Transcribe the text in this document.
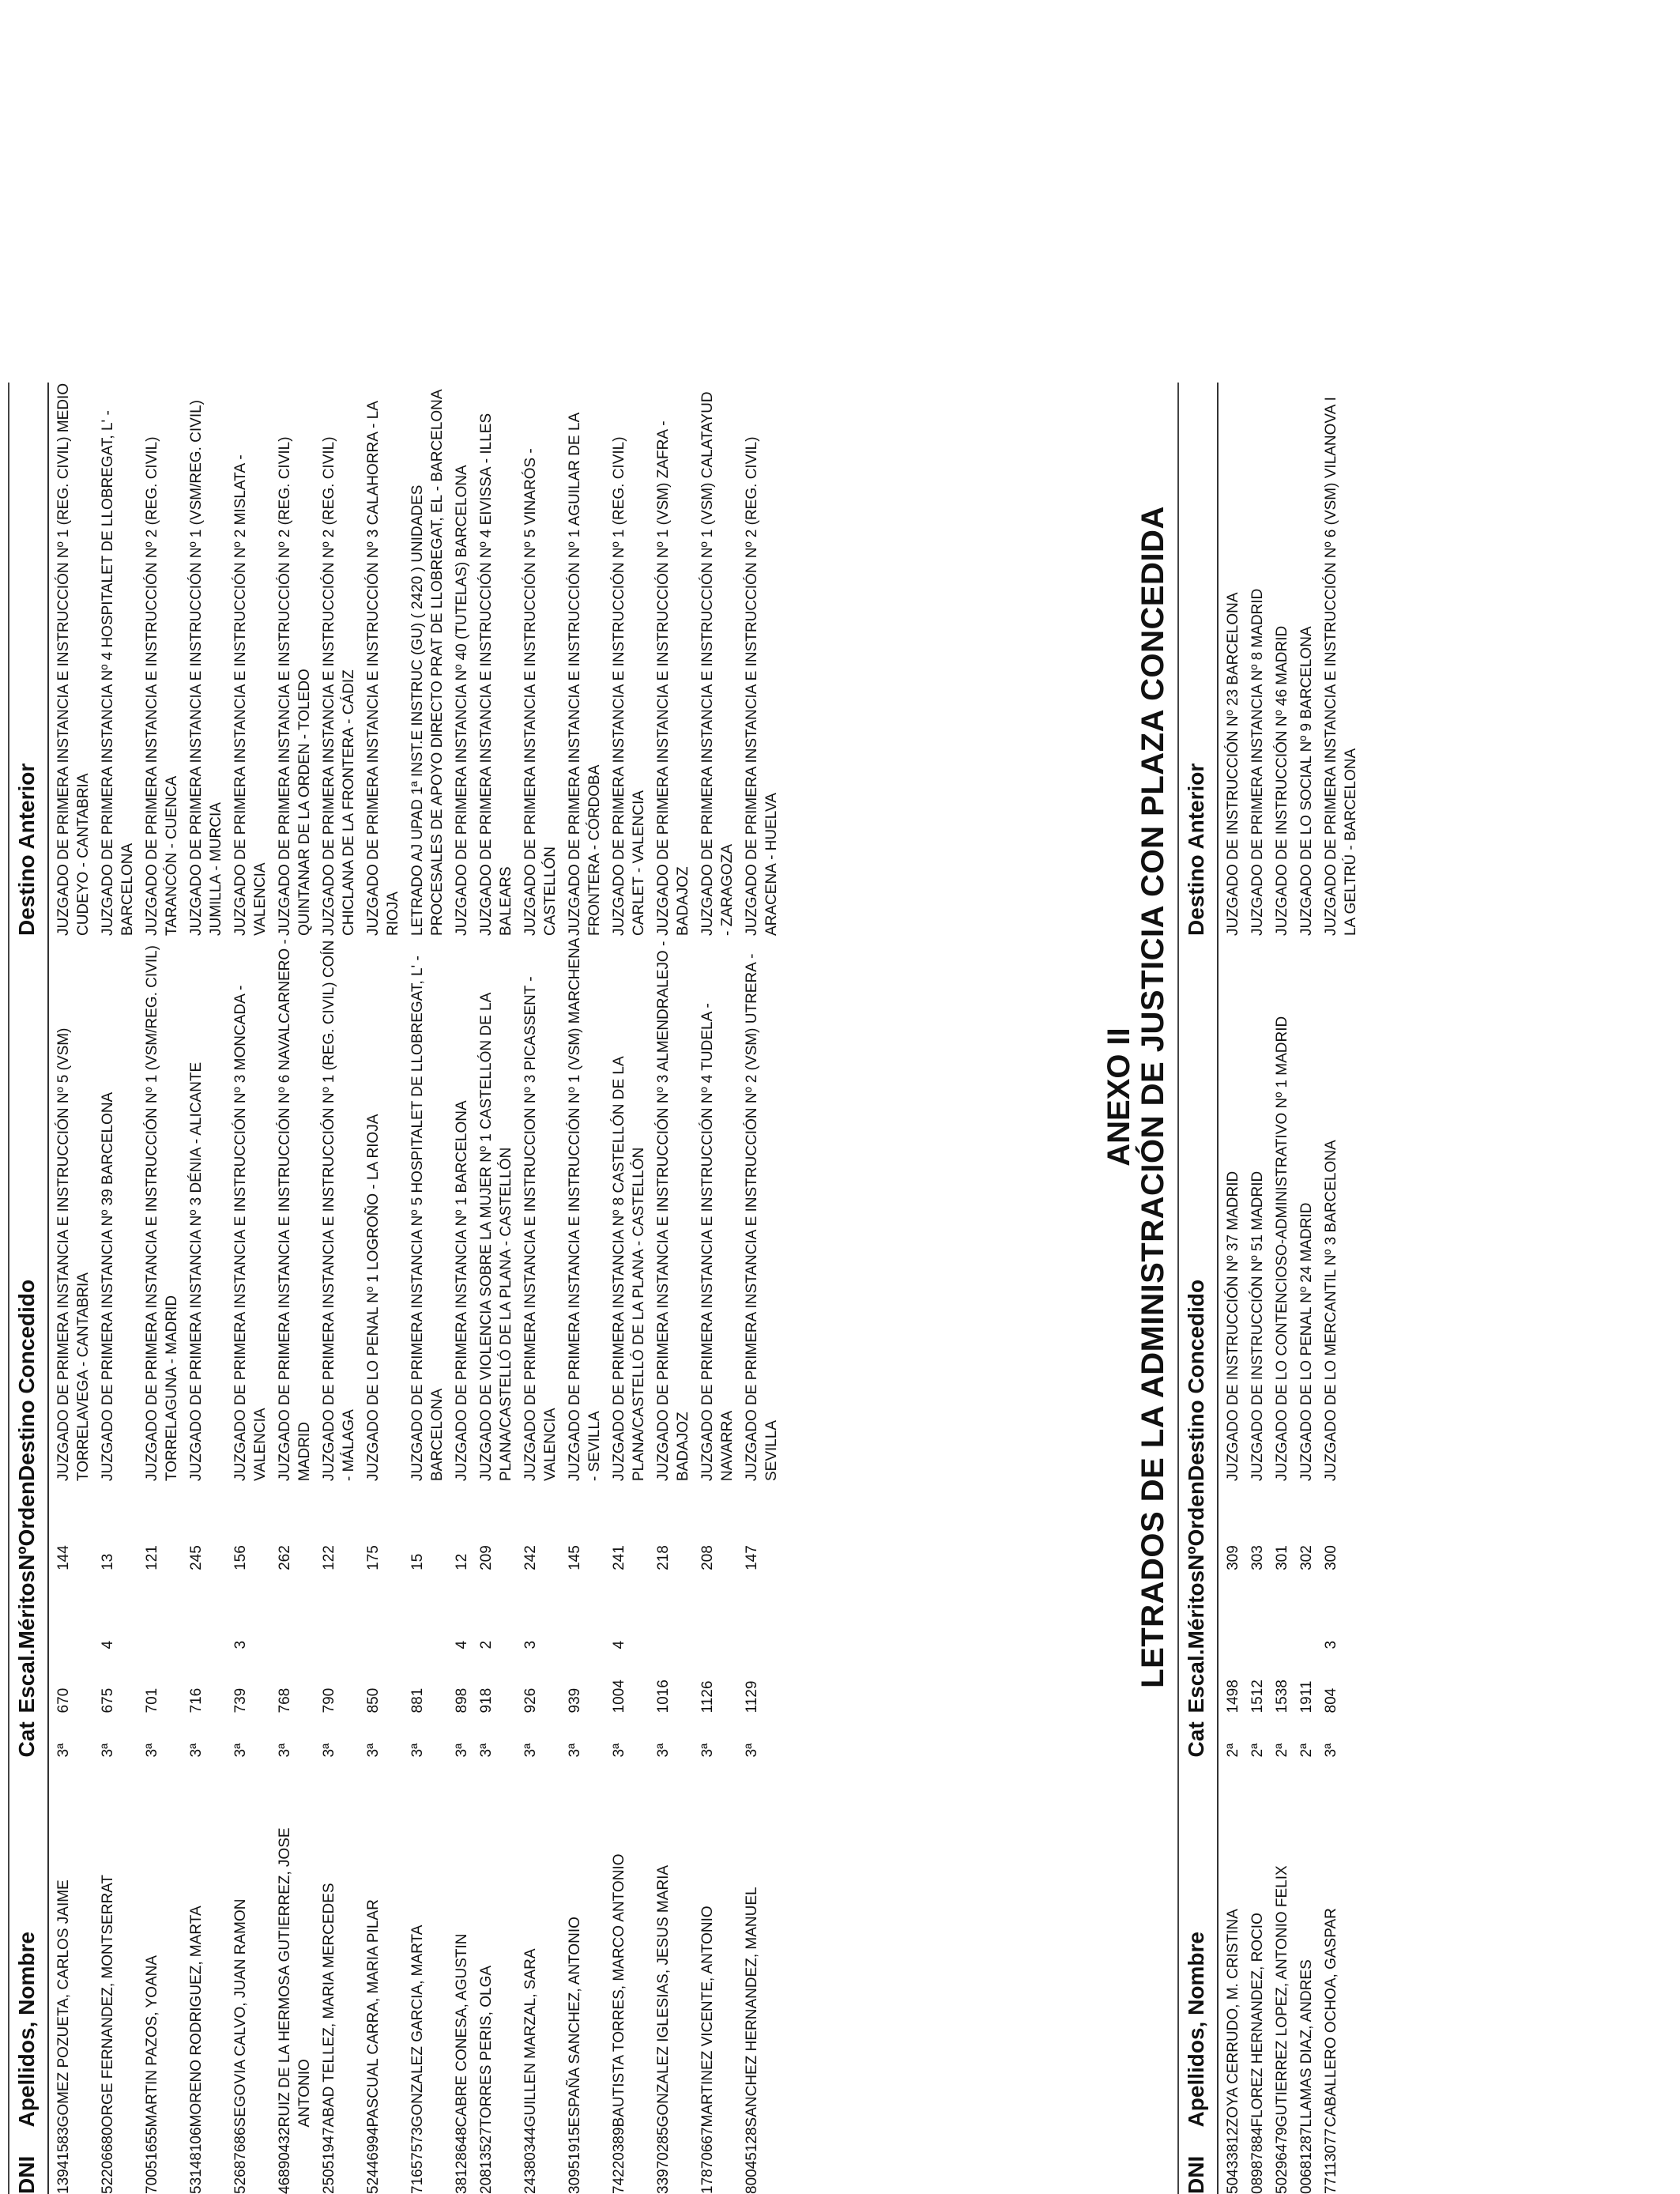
DNI	Apellidos, Nombre	Cat	Escal.	Méritos	NºOrden	Destino Concedido	Destino Anterior
13941583	GOMEZ POZUETA, CARLOS JAIME	3ª	670		144	JUZGADO DE PRIMERA INSTANCIA E INSTRUCCIÓN Nº 5 (VSM) TORRELAVEGA - CANTABRIA	JUZGADO DE PRIMERA INSTANCIA E INSTRUCCIÓN Nº 1 (REG. CIVIL) MEDIO CUDEYO - CANTABRIA
52206680	ORGE FERNANDEZ, MONTSERRAT	3ª	675	4	13	JUZGADO DE PRIMERA INSTANCIA Nº 39 BARCELONA	JUZGADO DE PRIMERA INSTANCIA Nº 4 HOSPITALET DE LLOBREGAT, L' - BARCELONA
70051655	MARTIN PAZOS, YOANA	3ª	701		121	JUZGADO DE PRIMERA INSTANCIA E INSTRUCCIÓN Nº 1 (VSM/REG. CIVIL) TORRELAGUNA - MADRID	JUZGADO DE PRIMERA INSTANCIA E INSTRUCCIÓN Nº 2 (REG. CIVIL) TARANCÓN - CUENCA
53148106	MORENO RODRIGUEZ, MARTA	3ª	716		245	JUZGADO DE PRIMERA INSTANCIA Nº 3 DÉNIA - ALICANTE	JUZGADO DE PRIMERA INSTANCIA E INSTRUCCIÓN Nº 1 (VSM/REG. CIVIL) JUMILLA - MURCIA
52687686	SEGOVIA CALVO, JUAN RAMON	3ª	739	3	156	JUZGADO DE PRIMERA INSTANCIA E INSTRUCCIÓN Nº 3 MONCADA - VALENCIA	JUZGADO DE PRIMERA INSTANCIA E INSTRUCCIÓN Nº 2 MISLATA - VALENCIA
46890432	RUIZ DE LA HERMOSA GUTIERREZ, JOSE ANTONIO	3ª	768		262	JUZGADO DE PRIMERA INSTANCIA E INSTRUCCIÓN Nº 6 NAVALCARNERO - MADRID	JUZGADO DE PRIMERA INSTANCIA E INSTRUCCIÓN Nº 2 (REG. CIVIL) QUINTANAR DE LA ORDEN - TOLEDO
25051947	ABAD TELLEZ, MARIA MERCEDES	3ª	790		122	JUZGADO DE PRIMERA INSTANCIA E INSTRUCCIÓN Nº 1 (REG. CIVIL) COÍN - MÁLAGA	JUZGADO DE PRIMERA INSTANCIA E INSTRUCCIÓN Nº 2 (REG. CIVIL) CHICLANA DE LA FRONTERA - CÁDIZ
52446994	PASCUAL CARRA, MARIA PILAR	3ª	850		175	JUZGADO DE LO PENAL Nº 1 LOGROÑO - LA RIOJA	JUZGADO DE PRIMERA INSTANCIA E INSTRUCCIÓN Nº 3 CALAHORRA - LA RIOJA
71657573	GONZALEZ GARCIA, MARTA	3ª	881		15	JUZGADO DE PRIMERA INSTANCIA Nº 5 HOSPITALET DE LLOBREGAT, L' - BARCELONA	LETRADO AJ UPAD 1ª INST.E INSTRUC (GU) ( 2420 ) UNIDADES PROCESALES DE APOYO DIRECTO PRAT DE LLOBREGAT, EL - BARCELONA
38128648	CABRE CONESA, AGUSTIN	3ª	898	4	12	JUZGADO DE PRIMERA INSTANCIA Nº 1 BARCELONA	JUZGADO DE PRIMERA INSTANCIA Nº 40 (TUTELAS) BARCELONA
20813527	TORRES PERIS, OLGA	3ª	918	2	209	JUZGADO DE VIOLENCIA SOBRE LA MUJER Nº 1 CASTELLÓN DE LA PLANA/CASTELLÓ DE LA PLANA - CASTELLÓN	JUZGADO DE PRIMERA INSTANCIA E INSTRUCCIÓN Nº 4 EIVISSA - ILLES BALEARS
24380344	GUILLEN MARZAL, SARA	3ª	926	3	242	JUZGADO DE PRIMERA INSTANCIA E INSTRUCCION Nº 3 PICASSENT - VALENCIA	JUZGADO DE PRIMERA INSTANCIA E INSTRUCCIÓN Nº 5 VINARÓS - CASTELLÓN
30951915	ESPAÑA SANCHEZ, ANTONIO	3ª	939		145	JUZGADO DE PRIMERA INSTANCIA E INSTRUCCIÓN Nº 1 (VSM) MARCHENA - SEVILLA	JUZGADO DE PRIMERA INSTANCIA E INSTRUCCIÓN Nº 1 AGUILAR DE LA FRONTERA - CÓRDOBA
74220389	BAUTISTA TORRES, MARCO ANTONIO	3ª	1004	4	241	JUZGADO DE PRIMERA INSTANCIA Nº 8 CASTELLÓN DE LA PLANA/CASTELLÓ DE LA PLANA - CASTELLÓN	JUZGADO DE PRIMERA INSTANCIA E INSTRUCCIÓN Nº 1 (REG. CIVIL) CARLET - VALENCIA
33970285	GONZALEZ IGLESIAS, JESUS MARIA	3ª	1016		218	JUZGADO DE PRIMERA INSTANCIA E INSTRUCCIÓN Nº 3 ALMENDRALEJO - BADAJOZ	JUZGADO DE PRIMERA INSTANCIA E INSTRUCCIÓN Nº 1 (VSM) ZAFRA - BADAJOZ
17870667	MARTINEZ VICENTE, ANTONIO	3ª	1126		208	JUZGADO DE PRIMERA INSTANCIA E INSTRUCCIÓN Nº 4 TUDELA - NAVARRA	JUZGADO DE PRIMERA INSTANCIA E INSTRUCCIÓN Nº 1 (VSM) CALATAYUD - ZARAGOZA
80045128	SANCHEZ HERNANDEZ, MANUEL	3ª	1129		147	JUZGADO DE PRIMERA INSTANCIA E INSTRUCCIÓN Nº 2 (VSM) UTRERA - SEVILLA	JUZGADO DE PRIMERA INSTANCIA E INSTRUCCIÓN Nº 2 (REG. CIVIL) ARACENA - HUELVA
ANEXO II LETRADOS DE LA ADMINISTRACIÓN DE JUSTICIA CON PLAZA CONCEDIDA
DNI	Apellidos, Nombre	Cat	Escal.	Méritos	NºOrden	Destino Concedido	Destino Anterior
50433812	ZOYA CERRUDO, M. CRISTINA	2ª	1498		309	JUZGADO DE INSTRUCCIÓN Nº 37 MADRID	JUZGADO DE INSTRUCCIÓN Nº 23 BARCELONA
08987884	FLOREZ HERNANDEZ, ROCIO	2ª	1512		303	JUZGADO DE INSTRUCCIÓN Nº 51 MADRID	JUZGADO DE PRIMERA INSTANCIA Nº 8 MADRID
50296479	GUTIERREZ LOPEZ, ANTONIO FELIX	2ª	1538		301	JUZGADO DE LO CONTENCIOSO-ADMINISTRATIVO Nº 1 MADRID	JUZGADO DE INSTRUCCIÓN Nº 46 MADRID
00681287	LLAMAS DIAZ, ANDRES	2ª	1911		302	JUZGADO DE LO PENAL Nº 24 MADRID	JUZGADO DE LO SOCIAL Nº 9 BARCELONA
77113077	CABALLERO OCHOA, GASPAR	3ª	804	3	300	JUZGADO DE LO MERCANTIL Nº 3 BARCELONA	JUZGADO DE PRIMERA INSTANCIA E INSTRUCCIÓN Nº 6 (VSM) VILANOVA I LA GELTRÚ - BARCELONA
